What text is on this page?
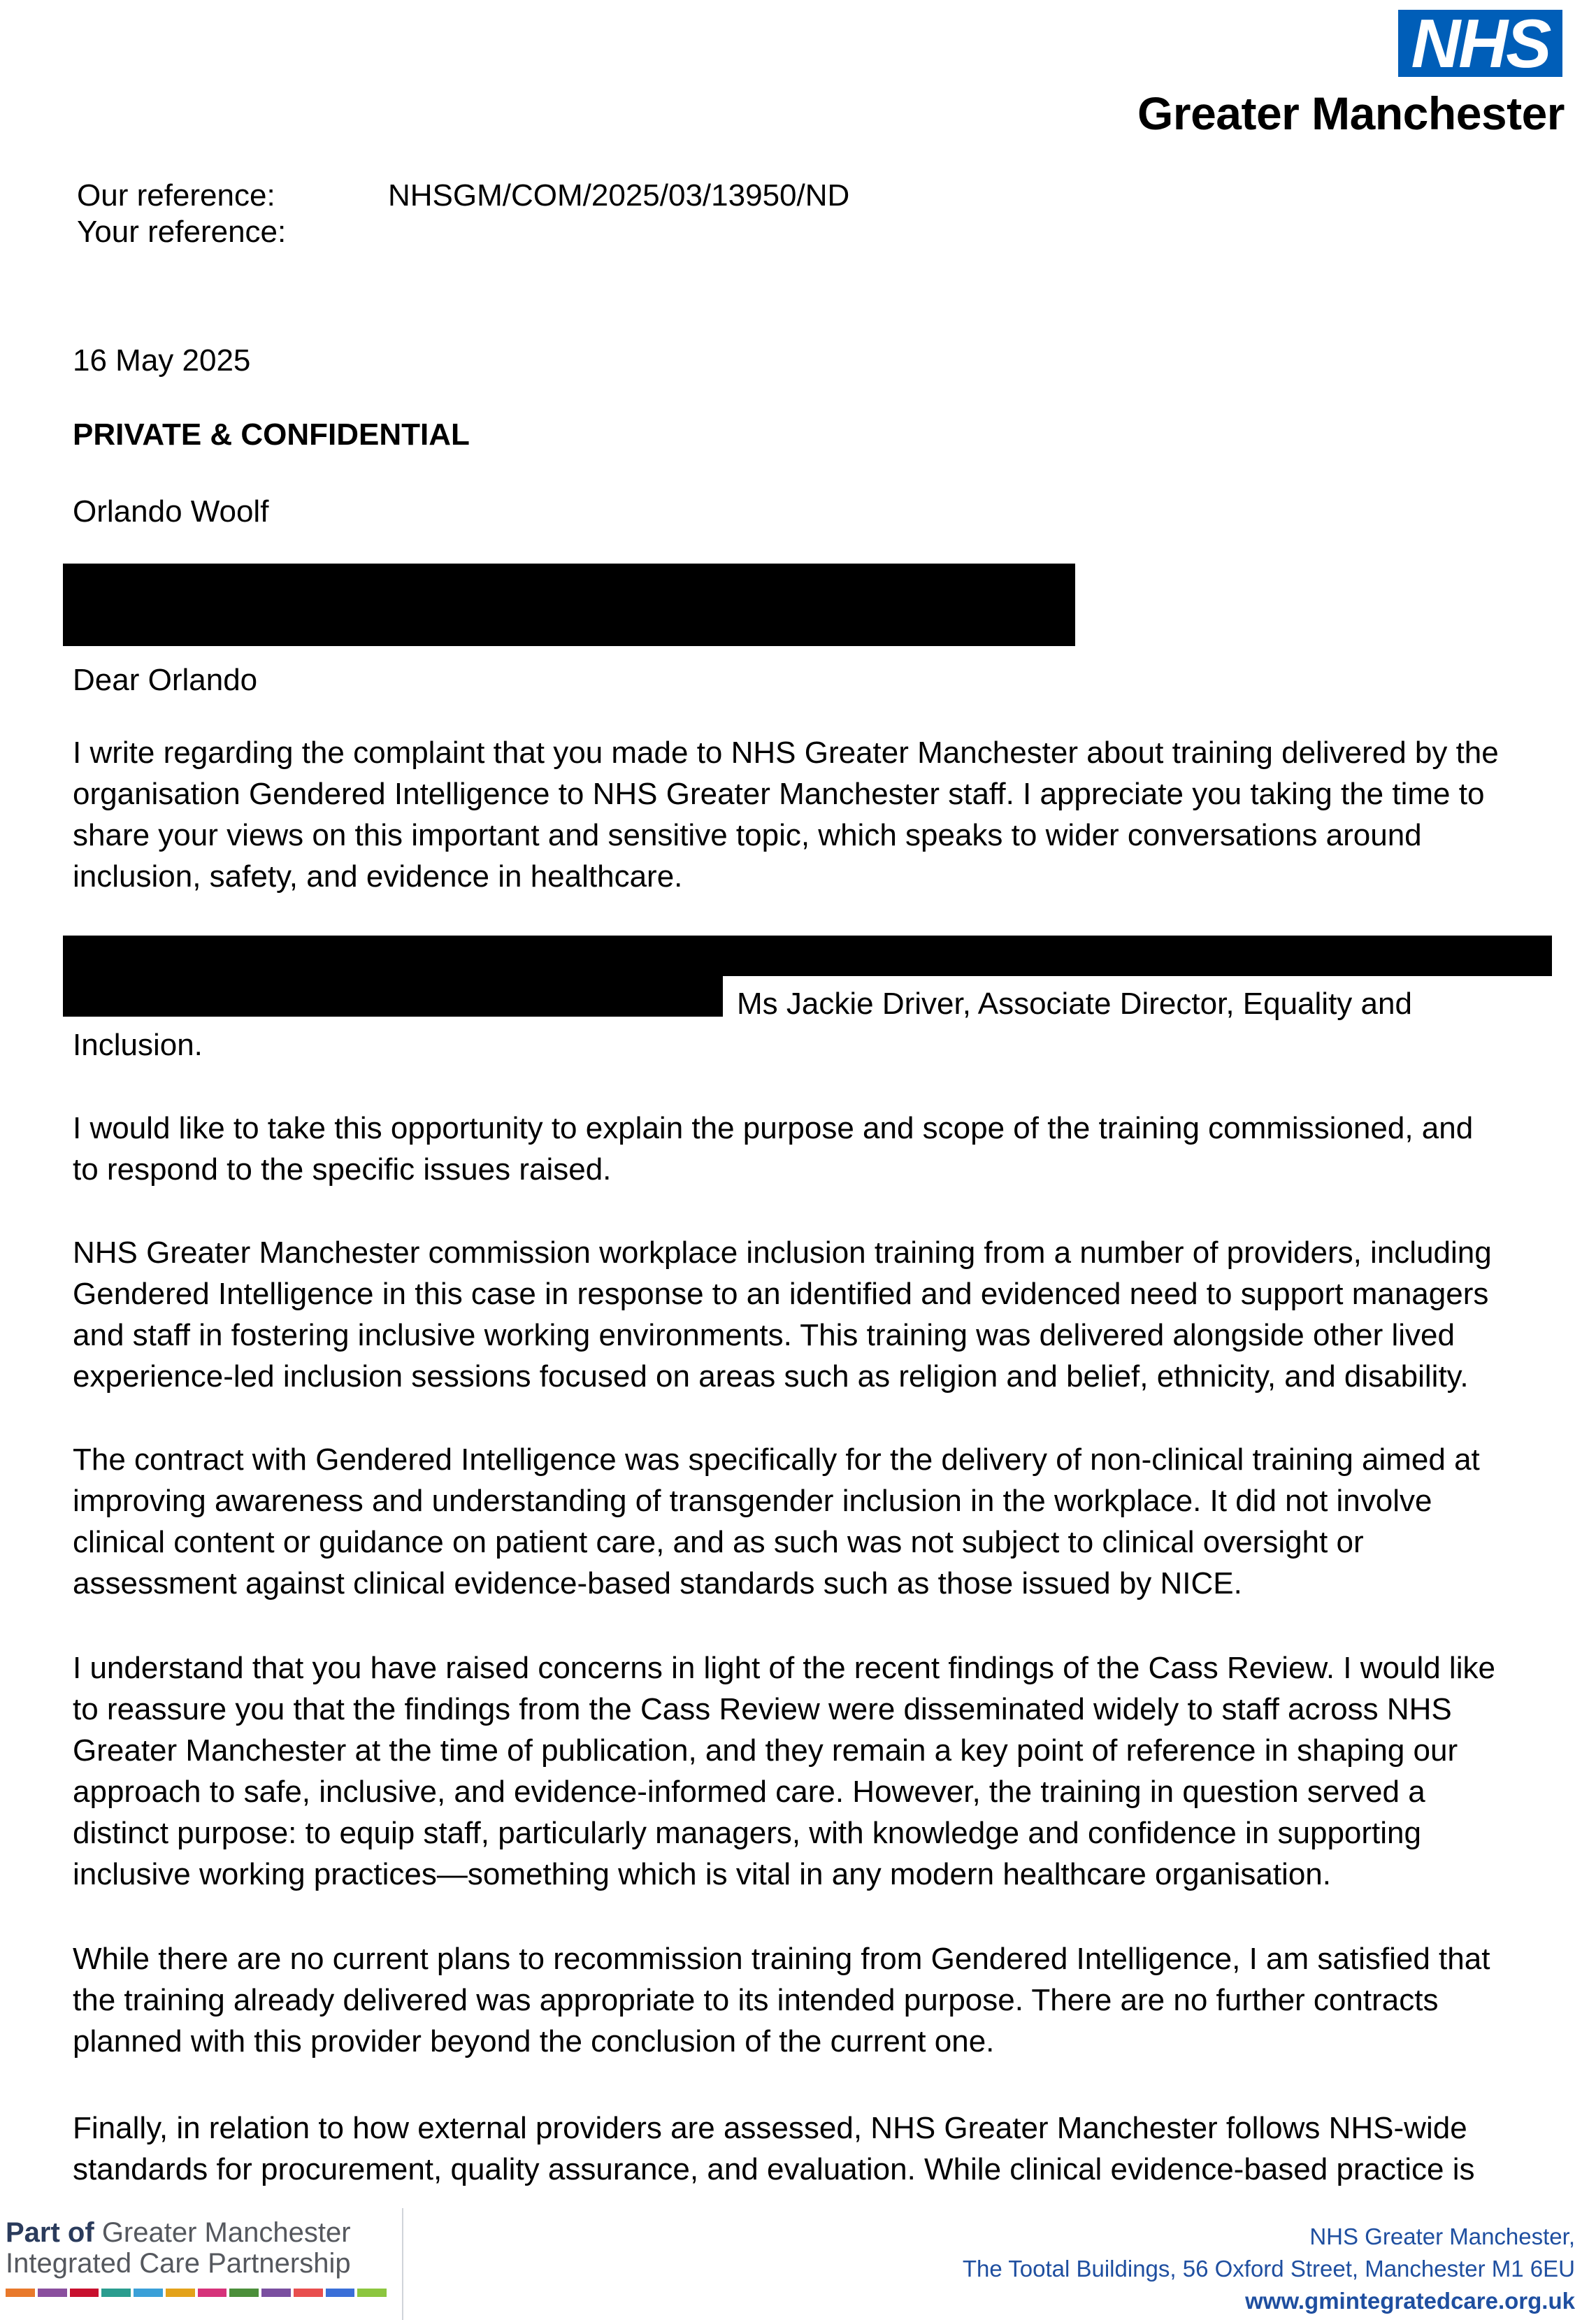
NHS
Greater Manchester
Our reference:	NHSGM/COM/2025/03/13950/ND
Your reference:
16 May 2025
PRIVATE & CONFIDENTIAL
Orlando Woolf
Dear Orlando
I write regarding the complaint that you made to NHS Greater Manchester about training delivered by the
organisation Gendered Intelligence to NHS Greater Manchester staff. I appreciate you taking the time to
share your views on this important and sensitive topic, which speaks to wider conversations around
inclusion, safety, and evidence in healthcare.
Ms Jackie Driver, Associate Director, Equality and
Inclusion.
I would like to take this opportunity to explain the purpose and scope of the training commissioned, and
to respond to the specific issues raised.
NHS Greater Manchester commission workplace inclusion training from a number of providers, including
Gendered Intelligence in this case in response to an identified and evidenced need to support managers
and staff in fostering inclusive working environments. This training was delivered alongside other lived
experience-led inclusion sessions focused on areas such as religion and belief, ethnicity, and disability.
The contract with Gendered Intelligence was specifically for the delivery of non-clinical training aimed at
improving awareness and understanding of transgender inclusion in the workplace. It did not involve
clinical content or guidance on patient care, and as such was not subject to clinical oversight or
assessment against clinical evidence-based standards such as those issued by NICE.
I understand that you have raised concerns in light of the recent findings of the Cass Review. I would like
to reassure you that the findings from the Cass Review were disseminated widely to staff across NHS
Greater Manchester at the time of publication, and they remain a key point of reference in shaping our
approach to safe, inclusive, and evidence-informed care. However, the training in question served a
distinct purpose: to equip staff, particularly managers, with knowledge and confidence in supporting
inclusive working practices—something which is vital in any modern healthcare organisation.
While there are no current plans to recommission training from Gendered Intelligence, I am satisfied that
the training already delivered was appropriate to its intended purpose. There are no further contracts
planned with this provider beyond the conclusion of the current one.
Finally, in relation to how external providers are assessed, NHS Greater Manchester follows NHS-wide
standards for procurement, quality assurance, and evaluation. While clinical evidence-based practice is
Part of Greater Manchester
Integrated Care Partnership
NHS Greater Manchester,
The Tootal Buildings, 56 Oxford Street, Manchester M1 6EU
www.gmintegratedcare.org.uk
